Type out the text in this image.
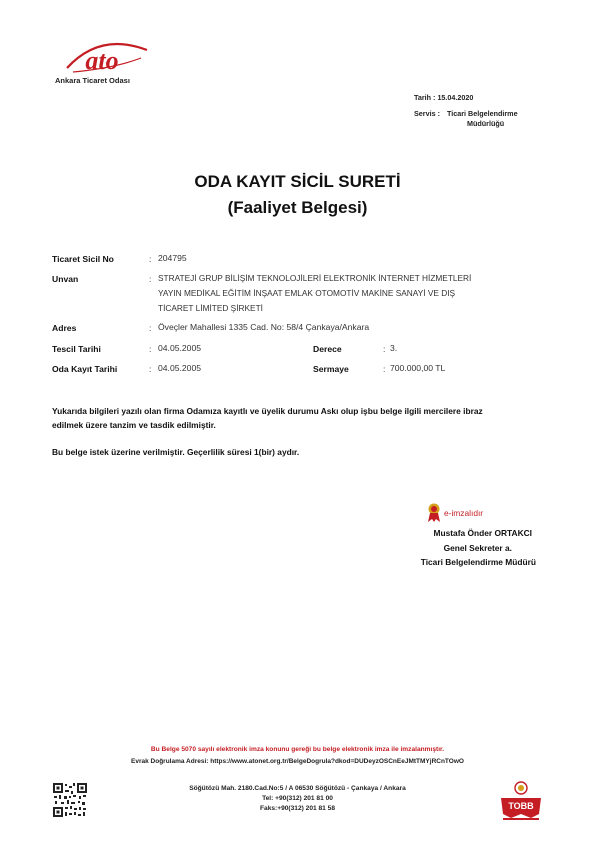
ato
Ankara Ticaret Odası
Tarih : 15.04.2020
Servis : Ticari Belgelendirme
Müdürlüğü
ODA KAYIT SİCİL SURETİ
(Faaliyet Belgesi)
Ticaret Sicil No	: 204795
Unvan	: STRATEJİ GRUP BİLİŞİM TEKNOLOJİLERİ ELEKTRONİK İNTERNET HİZMETLERİ
YAYIN MEDİKAL EĞİTİM İNŞAAT EMLAK OTOMOTİV MAKİNE SANAYİ VE DIŞ
TİCARET LİMİTED ŞİRKETİ
Adres	: Öveçler Mahallesi 1335 Cad. No: 58/4 Çankaya/Ankara
Tescil Tarihi	: 04.05.2005	Derece	: 3.
Oda Kayıt Tarihi	: 04.05.2005	Sermaye	: 700.000,00 TL
Yukarıda bilgileri yazılı olan firma Odamıza kayıtlı ve üyelik durumu Askı olup işbu belge ilgili mercilere ibraz
edilmek üzere tanzim ve tasdik edilmiştir.
Bu belge istek üzerine verilmiştir. Geçerlilik süresi 1(bir) aydır.
e-imzalıdır
Mustafa Önder ORTAKCI
Genel Sekreter a.
Ticari Belgelendirme Müdürü
Bu Belge 5070 sayılı elektronik imza konunu gereği bu belge elektronik imza ile imzalanmıştır.
Evrak Doğrulama Adresi: https://www.atonet.org.tr/BelgeDogrula?dkod=DUDeyzOSCnEeJMtTMYjRCnTOwO
Söğütözü Mah. 2180.Cad.No:5 / A 06530 Söğütözü - Çankaya / Ankara
Tel: +90(312) 201 81 00
Faks:+90(312) 201 81 58	TOBB
